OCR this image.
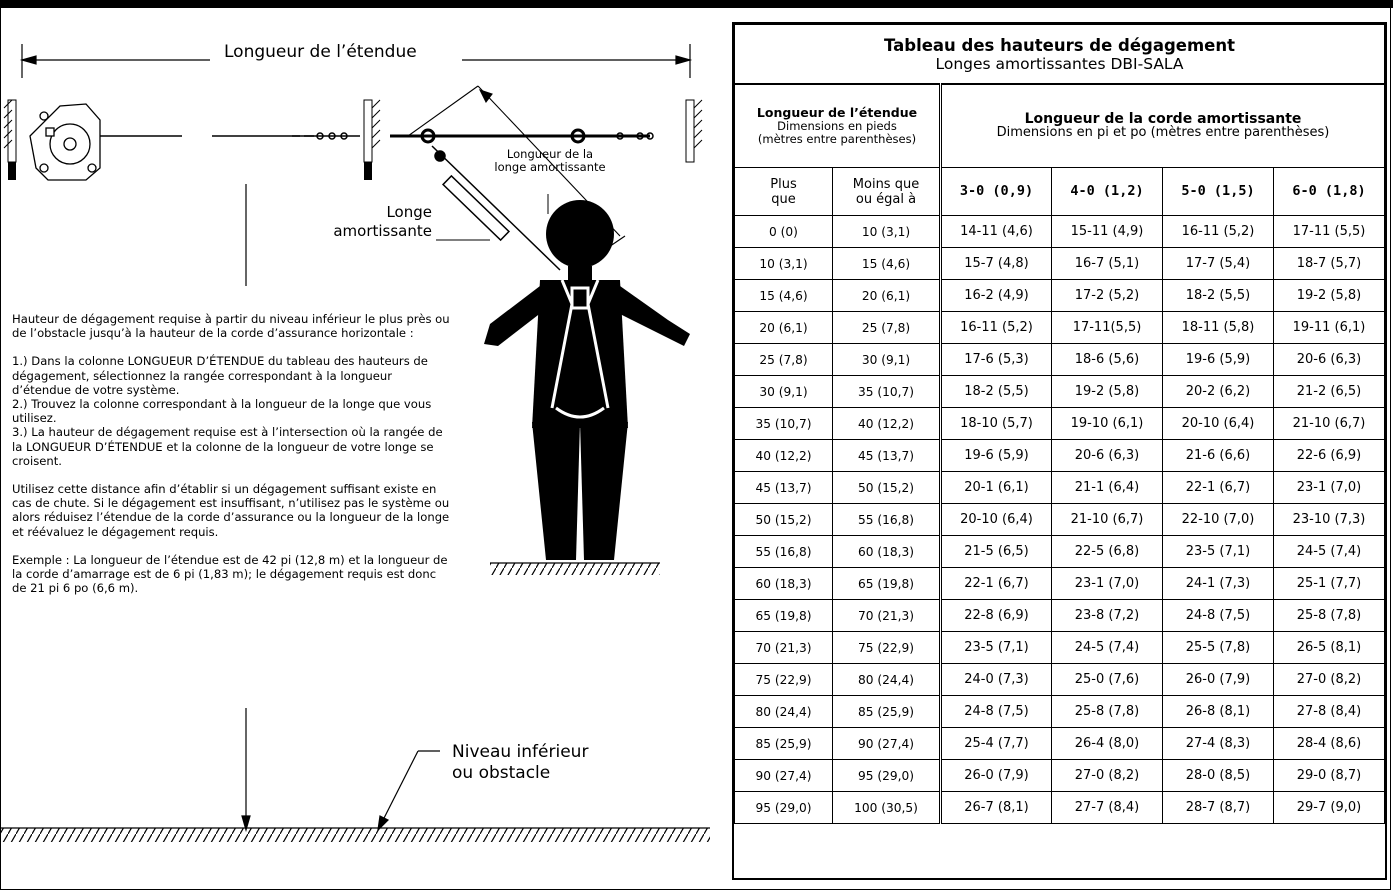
Longueur de l’étendue
Longueur de la
longe amortissante
Longe
amortissante
Niveau inférieur
ou obstacle

Hauteur de dégagement requise à partir du niveau inférieur le plus près ou de l’obstacle jusqu’à la hauteur de la corde d’assurance horizontale :

1.) Dans la colonne LONGUEUR D’ÉTENDUE du tableau des hauteurs de dégagement, sélectionnez la rangée correspondant à la longueur d’étendue de votre système.
2.) Trouvez la colonne correspondant à la longueur de la longe que vous utilisez.
3.) La hauteur de dégagement requise est à l’intersection où la rangée de la LONGUEUR D’ÉTENDUE et la colonne de la longueur de votre longe se croisent.

Utilisez cette distance afin d’établir si un dégagement suffisant existe en cas de chute. Si le dégagement est insuffisant, n’utilisez pas le système ou alors réduisez l’étendue de la corde d’assurance ou la longueur de la longe et réévaluez le dégagement requis.

Exemple : La longueur de l’étendue est de 42 pi (12,8 m) et la longueur de la corde d’amarrage est de 6 pi (1,83 m); le dégagement requis est donc de 21 pi 6 po (6,6 m).

Tableau des hauteurs de dégagement
Longes amortissantes DBI-SALA					
Longueur de l’étendue
Dimensions en pieds
(mètres entre parenthèses)		Longueur de la corde amortissante
Dimensions en pi et po (mètres entre parenthèses)			
Plus
que	Moins que
ou égal à	3-0 (0,9)	4-0 (1,2)	5-0 (1,5)	6-0 (1,8)
0 (0)	10 (3,1)	14-11 (4,6)	15-11 (4,9)	16-11 (5,2)	17-11 (5,5)
10 (3,1)	15 (4,6)	15-7 (4,8)	16-7 (5,1)	17-7 (5,4)	18-7 (5,7)
15 (4,6)	20 (6,1)	16-2 (4,9)	17-2 (5,2)	18-2 (5,5)	19-2 (5,8)
20 (6,1)	25 (7,8)	16-11 (5,2)	17-11(5,5)	18-11 (5,8)	19-11 (6,1)
25 (7,8)	30 (9,1)	17-6 (5,3)	18-6 (5,6)	19-6 (5,9)	20-6 (6,3)
30 (9,1)	35 (10,7)	18-2 (5,5)	19-2 (5,8)	20-2 (6,2)	21-2 (6,5)
35 (10,7)	40 (12,2)	18-10 (5,7)	19-10 (6,1)	20-10 (6,4)	21-10 (6,7)
40 (12,2)	45 (13,7)	19-6 (5,9)	20-6 (6,3)	21-6 (6,6)	22-6 (6,9)
45 (13,7)	50 (15,2)	20-1 (6,1)	21-1 (6,4)	22-1 (6,7)	23-1 (7,0)
50 (15,2)	55 (16,8)	20-10 (6,4)	21-10 (6,7)	22-10 (7,0)	23-10 (7,3)
55 (16,8)	60 (18,3)	21-5 (6,5)	22-5 (6,8)	23-5 (7,1)	24-5 (7,4)
60 (18,3)	65 (19,8)	22-1 (6,7)	23-1 (7,0)	24-1 (7,3)	25-1 (7,7)
65 (19,8)	70 (21,3)	22-8 (6,9)	23-8 (7,2)	24-8 (7,5)	25-8 (7,8)
70 (21,3)	75 (22,9)	23-5 (7,1)	24-5 (7,4)	25-5 (7,8)	26-5 (8,1)
75 (22,9)	80 (24,4)	24-0 (7,3)	25-0 (7,6)	26-0 (7,9)	27-0 (8,2)
80 (24,4)	85 (25,9)	24-8 (7,5)	25-8 (7,8)	26-8 (8,1)	27-8 (8,4)
85 (25,9)	90 (27,4)	25-4 (7,7)	26-4 (8,0)	27-4 (8,3)	28-4 (8,6)
90 (27,4)	95 (29,0)	26-0 (7,9)	27-0 (8,2)	28-0 (8,5)	29-0 (8,7)
95 (29,0)	100 (30,5)	26-7 (8,1)	27-7 (8,4)	28-7 (8,7)	29-7 (9,0)
